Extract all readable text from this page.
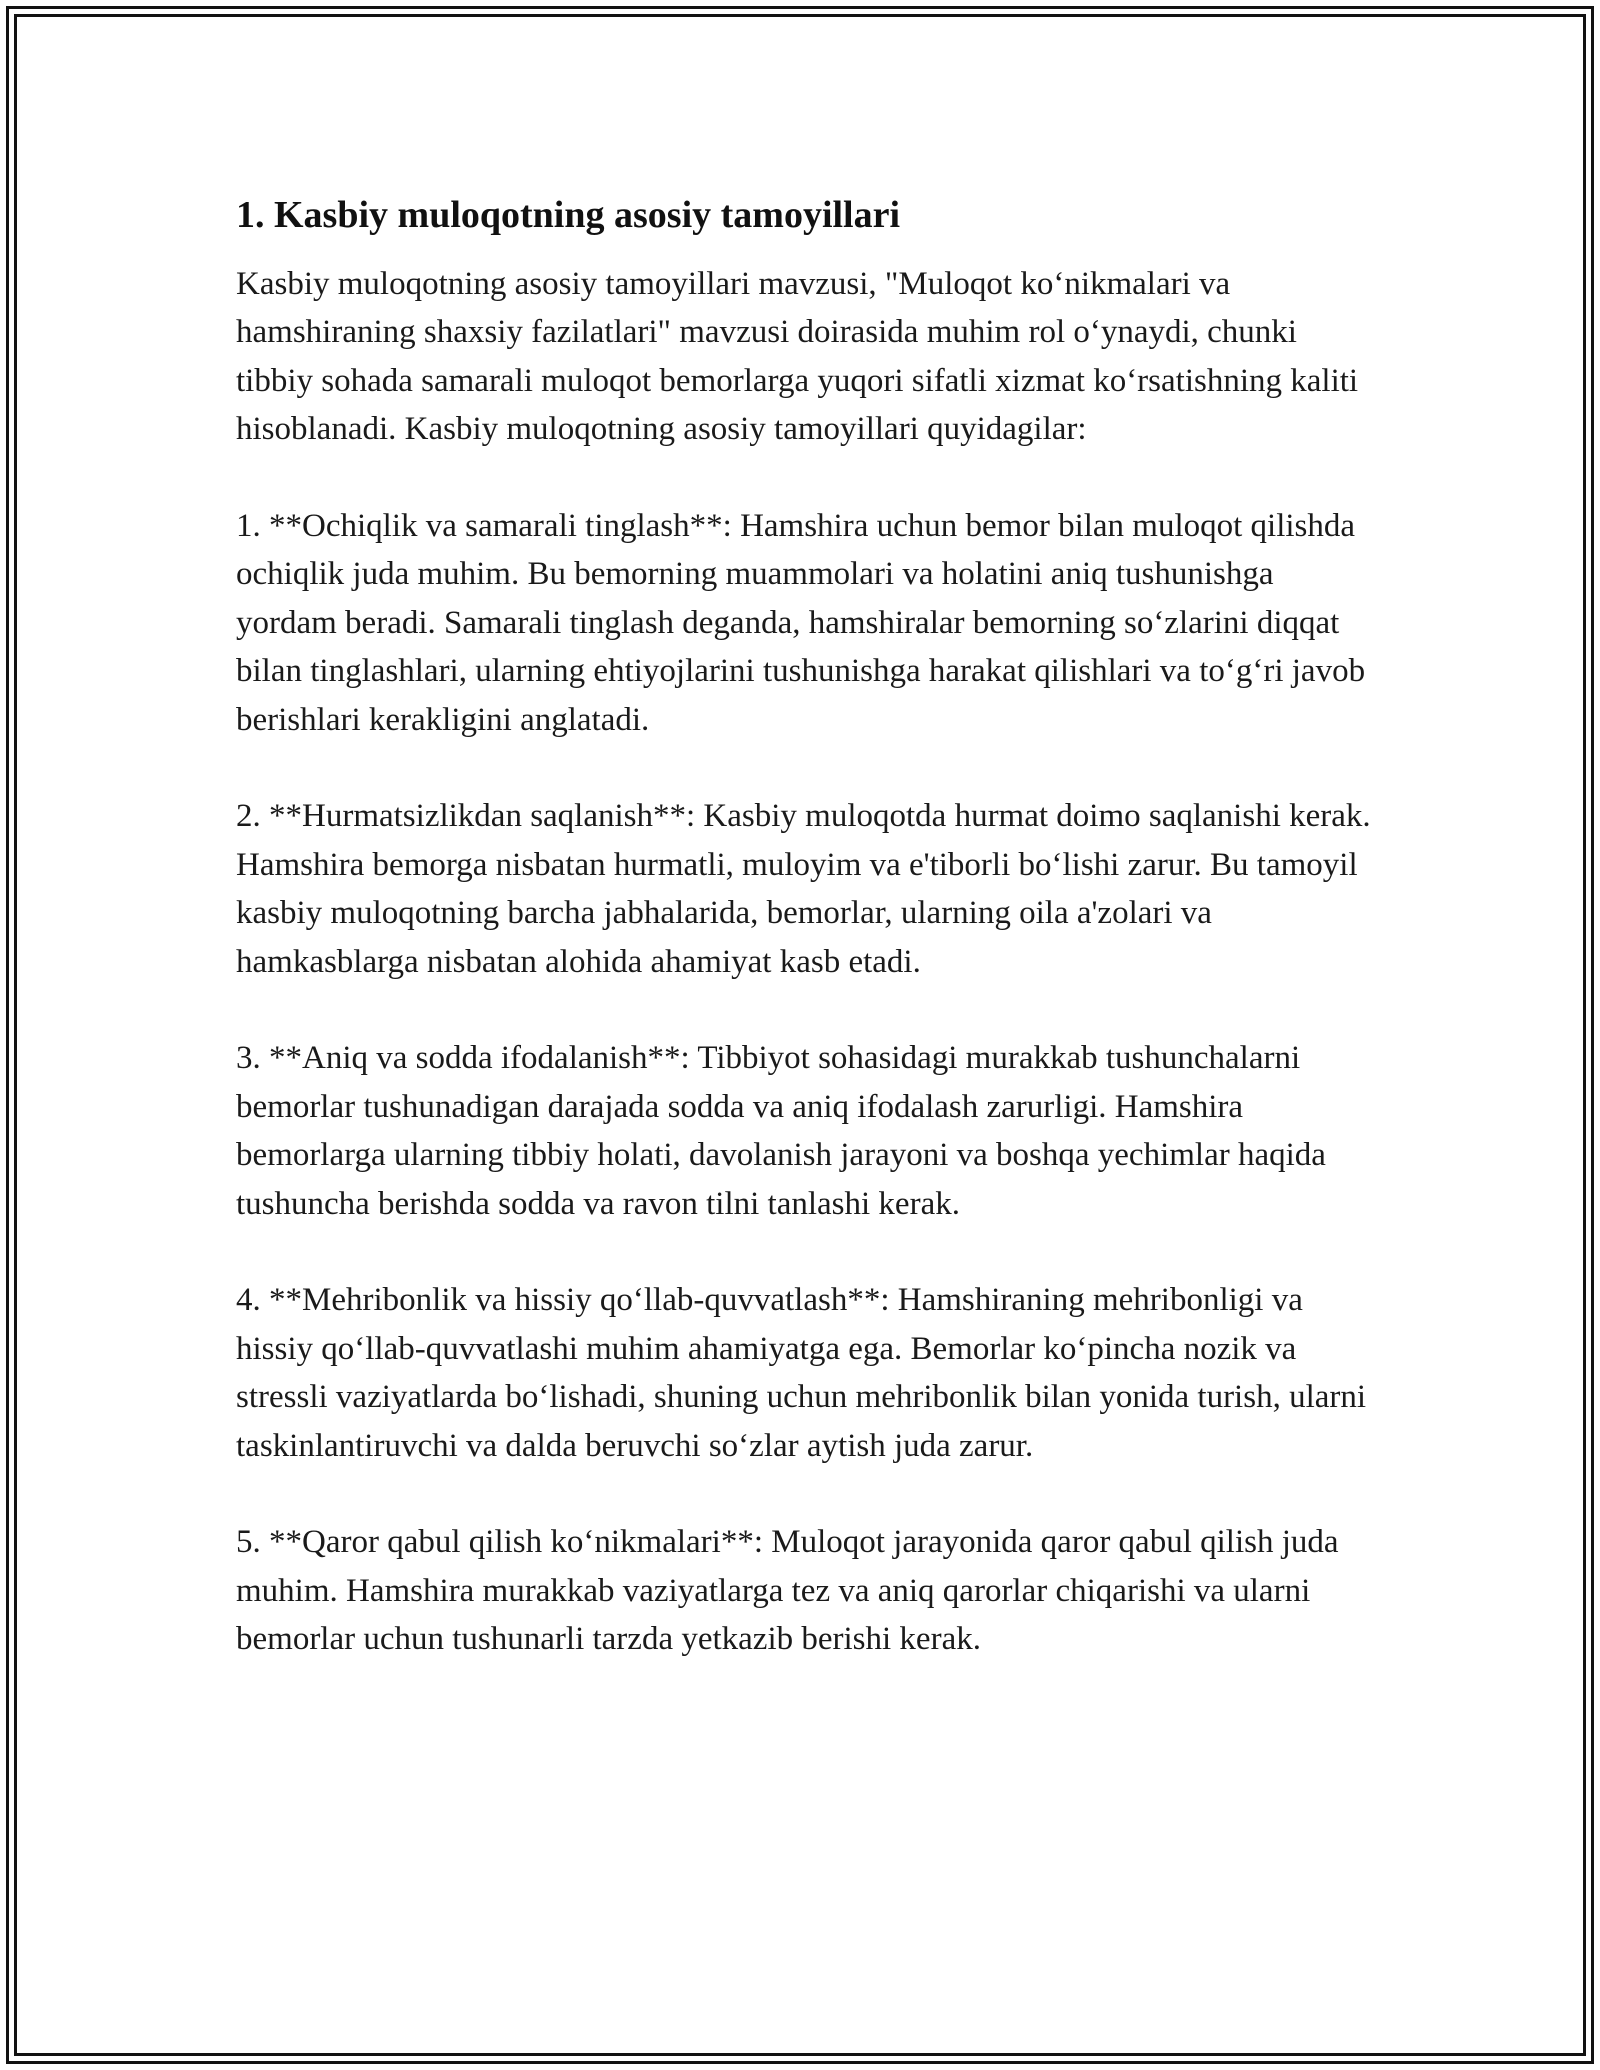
1. Kasbiy muloqotning asosiy tamoyillari

Kasbiy muloqotning asosiy tamoyillari mavzusi, "Muloqot ko‘nikmalari va hamshiraning shaxsiy fazilatlari" mavzusi doirasida muhim rol o‘ynaydi, chunki tibbiy sohada samarali muloqot bemorlarga yuqori sifatli xizmat ko‘rsatishning kaliti hisoblanadi. Kasbiy muloqotning asosiy tamoyillari quyidagilar:

1. **Ochiqlik va samarali tinglash**: Hamshira uchun bemor bilan muloqot qilishda ochiqlik juda muhim. Bu bemorning muammolari va holatini aniq tushunishga yordam beradi. Samarali tinglash deganda, hamshiralar bemorning so‘zlarini diqqat bilan tinglashlari, ularning ehtiyojlarini tushunishga harakat qilishlari va to‘g‘ri javob berishlari kerakligini anglatadi.

2. **Hurmatsizlikdan saqlanish**: Kasbiy muloqotda hurmat doimo saqlanishi kerak. Hamshira bemorga nisbatan hurmatli, muloyim va e'tiborli bo‘lishi zarur. Bu tamoyil kasbiy muloqotning barcha jabhalarida, bemorlar, ularning oila a'zolari va hamkasblarga nisbatan alohida ahamiyat kasb etadi.

3. **Aniq va sodda ifodalanish**: Tibbiyot sohasidagi murakkab tushunchalarni bemorlar tushunadigan darajada sodda va aniq ifodalash zarurligi. Hamshira bemorlarga ularning tibbiy holati, davolanish jarayoni va boshqa yechimlar haqida tushuncha berishda sodda va ravon tilni tanlashi kerak.

4. **Mehribonlik va hissiy qo‘llab-quvvatlash**: Hamshiraning mehribonligi va hissiy qo‘llab-quvvatlashi muhim ahamiyatga ega. Bemorlar ko‘pincha nozik va stressli vaziyatlarda bo‘lishadi, shuning uchun mehribonlik bilan yonida turish, ularni taskinlantiruvchi va dalda beruvchi so‘zlar aytish juda zarur.

5. **Qaror qabul qilish ko‘nikmalari**: Muloqot jarayonida qaror qabul qilish juda muhim. Hamshira murakkab vaziyatlarga tez va aniq qarorlar chiqarishi va ularni bemorlar uchun tushunarli tarzda yetkazib berishi kerak.
